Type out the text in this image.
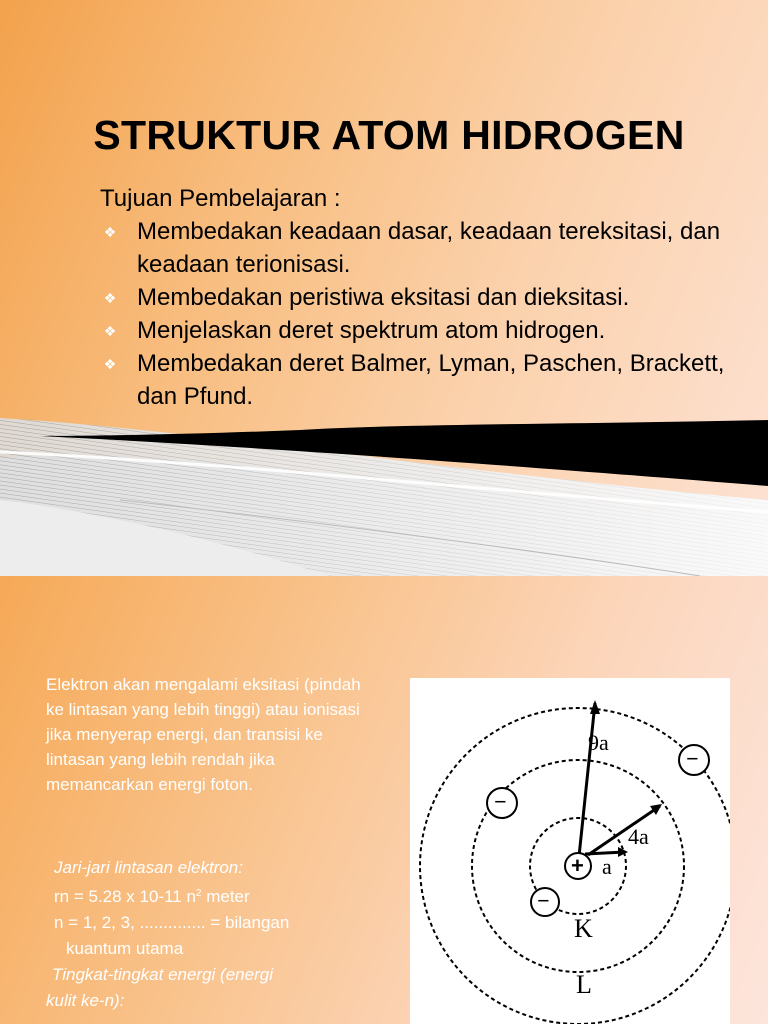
STRUKTUR ATOM HIDROGEN

Tujuan Pembelajaran :

❖ Membedakan keadaan dasar, keadaan tereksitasi, dan keadaan terionisasi.
❖ Membedakan peristiwa eksitasi dan dieksitasi.
❖ Menjelaskan deret spektrum atom hidrogen.
❖ Membedakan deret Balmer, Lyman, Paschen, Brackett, dan Pfund.
Elektron akan mengalami eksitasi (pindah ke lintasan yang lebih tinggi) atau ionisasi jika menyerap energi, dan transisi ke lintasan yang lebih rendah jika memancarkan energi foton.
Jari-jari lintasan elektron:
rn = 5.28 x 10-11 $n^2$ meter
n = 1, 2, 3, .............. = bilangan
kuantum utama
Tingkat-tingkat energi (energi
kulit ke-n):
+
−
−
−
9a
4a
a
K
L
